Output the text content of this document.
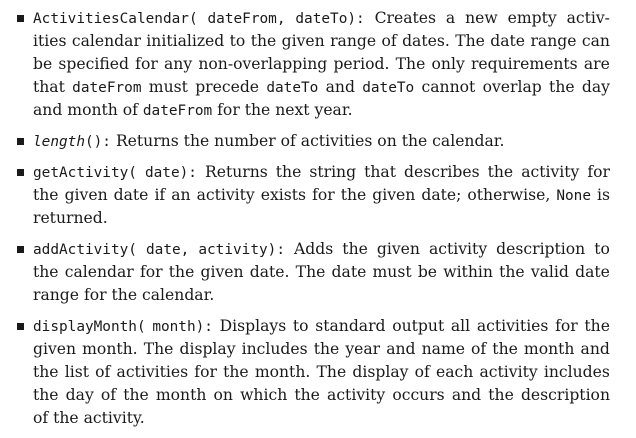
ActivitiesCalendar( dateFrom, dateTo): Creates a new empty activ-
ities calendar initialized to the given range of dates. The date range can
be specified for any non-overlapping period. The only requirements are
that dateFrom must precede dateTo and dateTo cannot overlap the day
and month of dateFrom for the next year.
length(): Returns the number of activities on the calendar.
getActivity( date): Returns the string that describes the activity for
the given date if an activity exists for the given date; otherwise, None is
returned.
addActivity( date, activity): Adds the given activity description to
the calendar for the given date. The date must be within the valid date
range for the calendar.
displayMonth( month): Displays to standard output all activities for the
given month. The display includes the year and name of the month and
the list of activities for the month. The display of each activity includes
the day of the month on which the activity occurs and the description
of the activity.
